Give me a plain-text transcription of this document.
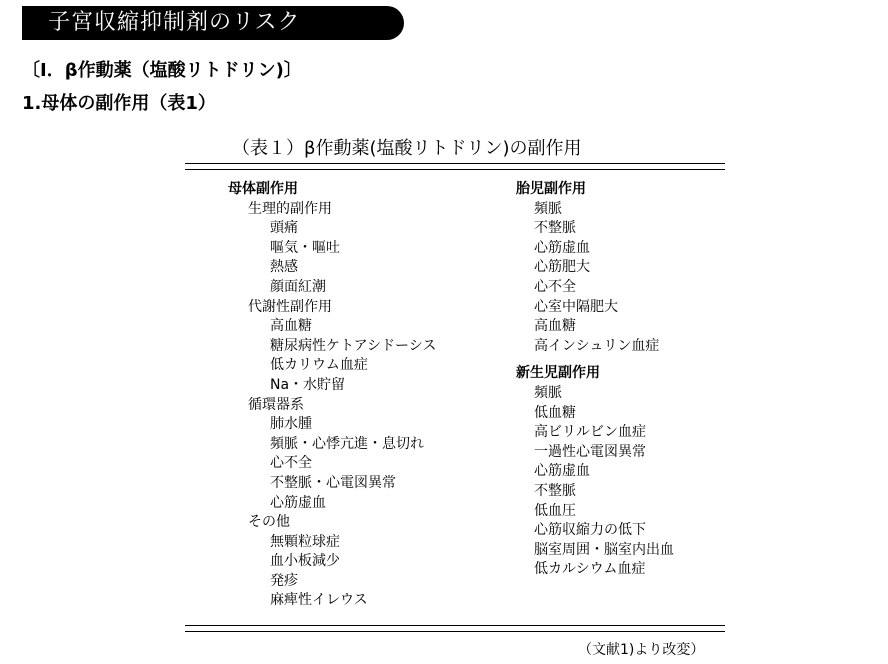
子宮収縮抑制剤のリスク
〔Ⅰ．β作動薬（塩酸リトドリン)〕
1.母体の副作用（表1）
（表１）β作動薬(塩酸リトドリン)の副作用
母体副作用
生理的副作用
頭痛
嘔気・嘔吐
熱感
顔面紅潮
代謝性副作用
高血糖
糖尿病性ケトアシドーシス
低カリウム血症
Na・水貯留
循環器系
肺水腫
頻脈・心悸亢進・息切れ
心不全
不整脈・心電図異常
心筋虚血
その他
無顆粒球症
血小板減少
発疹
麻痺性イレウス
胎児副作用
頻脈
不整脈
心筋虚血
心筋肥大
心不全
心室中隔肥大
高血糖
高インシュリン血症
新生児副作用
頻脈
低血糖
高ビリルビン血症
一過性心電図異常
心筋虚血
不整脈
低血圧
心筋収縮力の低下
脳室周囲・脳室内出血
低カルシウム血症
（文献1)より改変）
